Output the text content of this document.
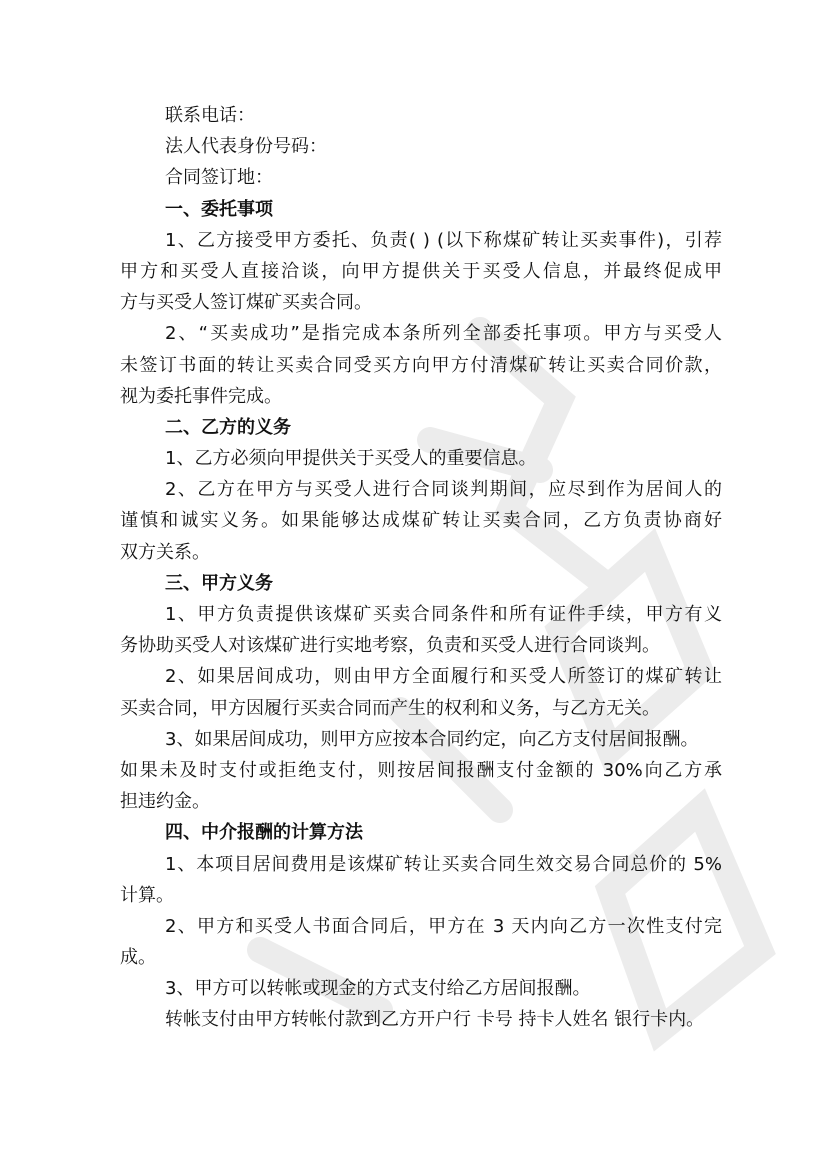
联系电话：
法人代表身份号码：
合同签订地：
一、委托事项
1、乙方接受甲方委托、负责( ) (以下称煤矿转让买卖事件)，引荐
甲方和买受人直接洽谈，向甲方提供关于买受人信息，并最终促成甲
方与买受人签订煤矿买卖合同。
2、“买卖成功”是指完成本条所列全部委托事项。甲方与买受人
未签订书面的转让买卖合同受买方向甲方付清煤矿转让买卖合同价款，
视为委托事件完成。
二、乙方的义务
1、乙方必须向甲提供关于买受人的重要信息。
2、乙方在甲方与买受人进行合同谈判期间，应尽到作为居间人的
谨慎和诚实义务。如果能够达成煤矿转让买卖合同，乙方负责协商好
双方关系。
三、甲方义务
1、甲方负责提供该煤矿买卖合同条件和所有证件手续，甲方有义
务协助买受人对该煤矿进行实地考察，负责和买受人进行合同谈判。
2、如果居间成功，则由甲方全面履行和买受人所签订的煤矿转让
买卖合同，甲方因履行买卖合同而产生的权利和义务，与乙方无关。
3、如果居间成功，则甲方应按本合同约定，向乙方支付居间报酬。
如果未及时支付或拒绝支付，则按居间报酬支付金额的 30%向乙方承
担违约金。
四、中介报酬的计算方法
1、本项目居间费用是该煤矿转让买卖合同生效交易合同总价的 5%
计算。
2、甲方和买受人书面合同后，甲方在 3 天内向乙方一次性支付完
成。
3、甲方可以转帐或现金的方式支付给乙方居间报酬。
转帐支付由甲方转帐付款到乙方开户行 卡号 持卡人姓名 银行卡内。
